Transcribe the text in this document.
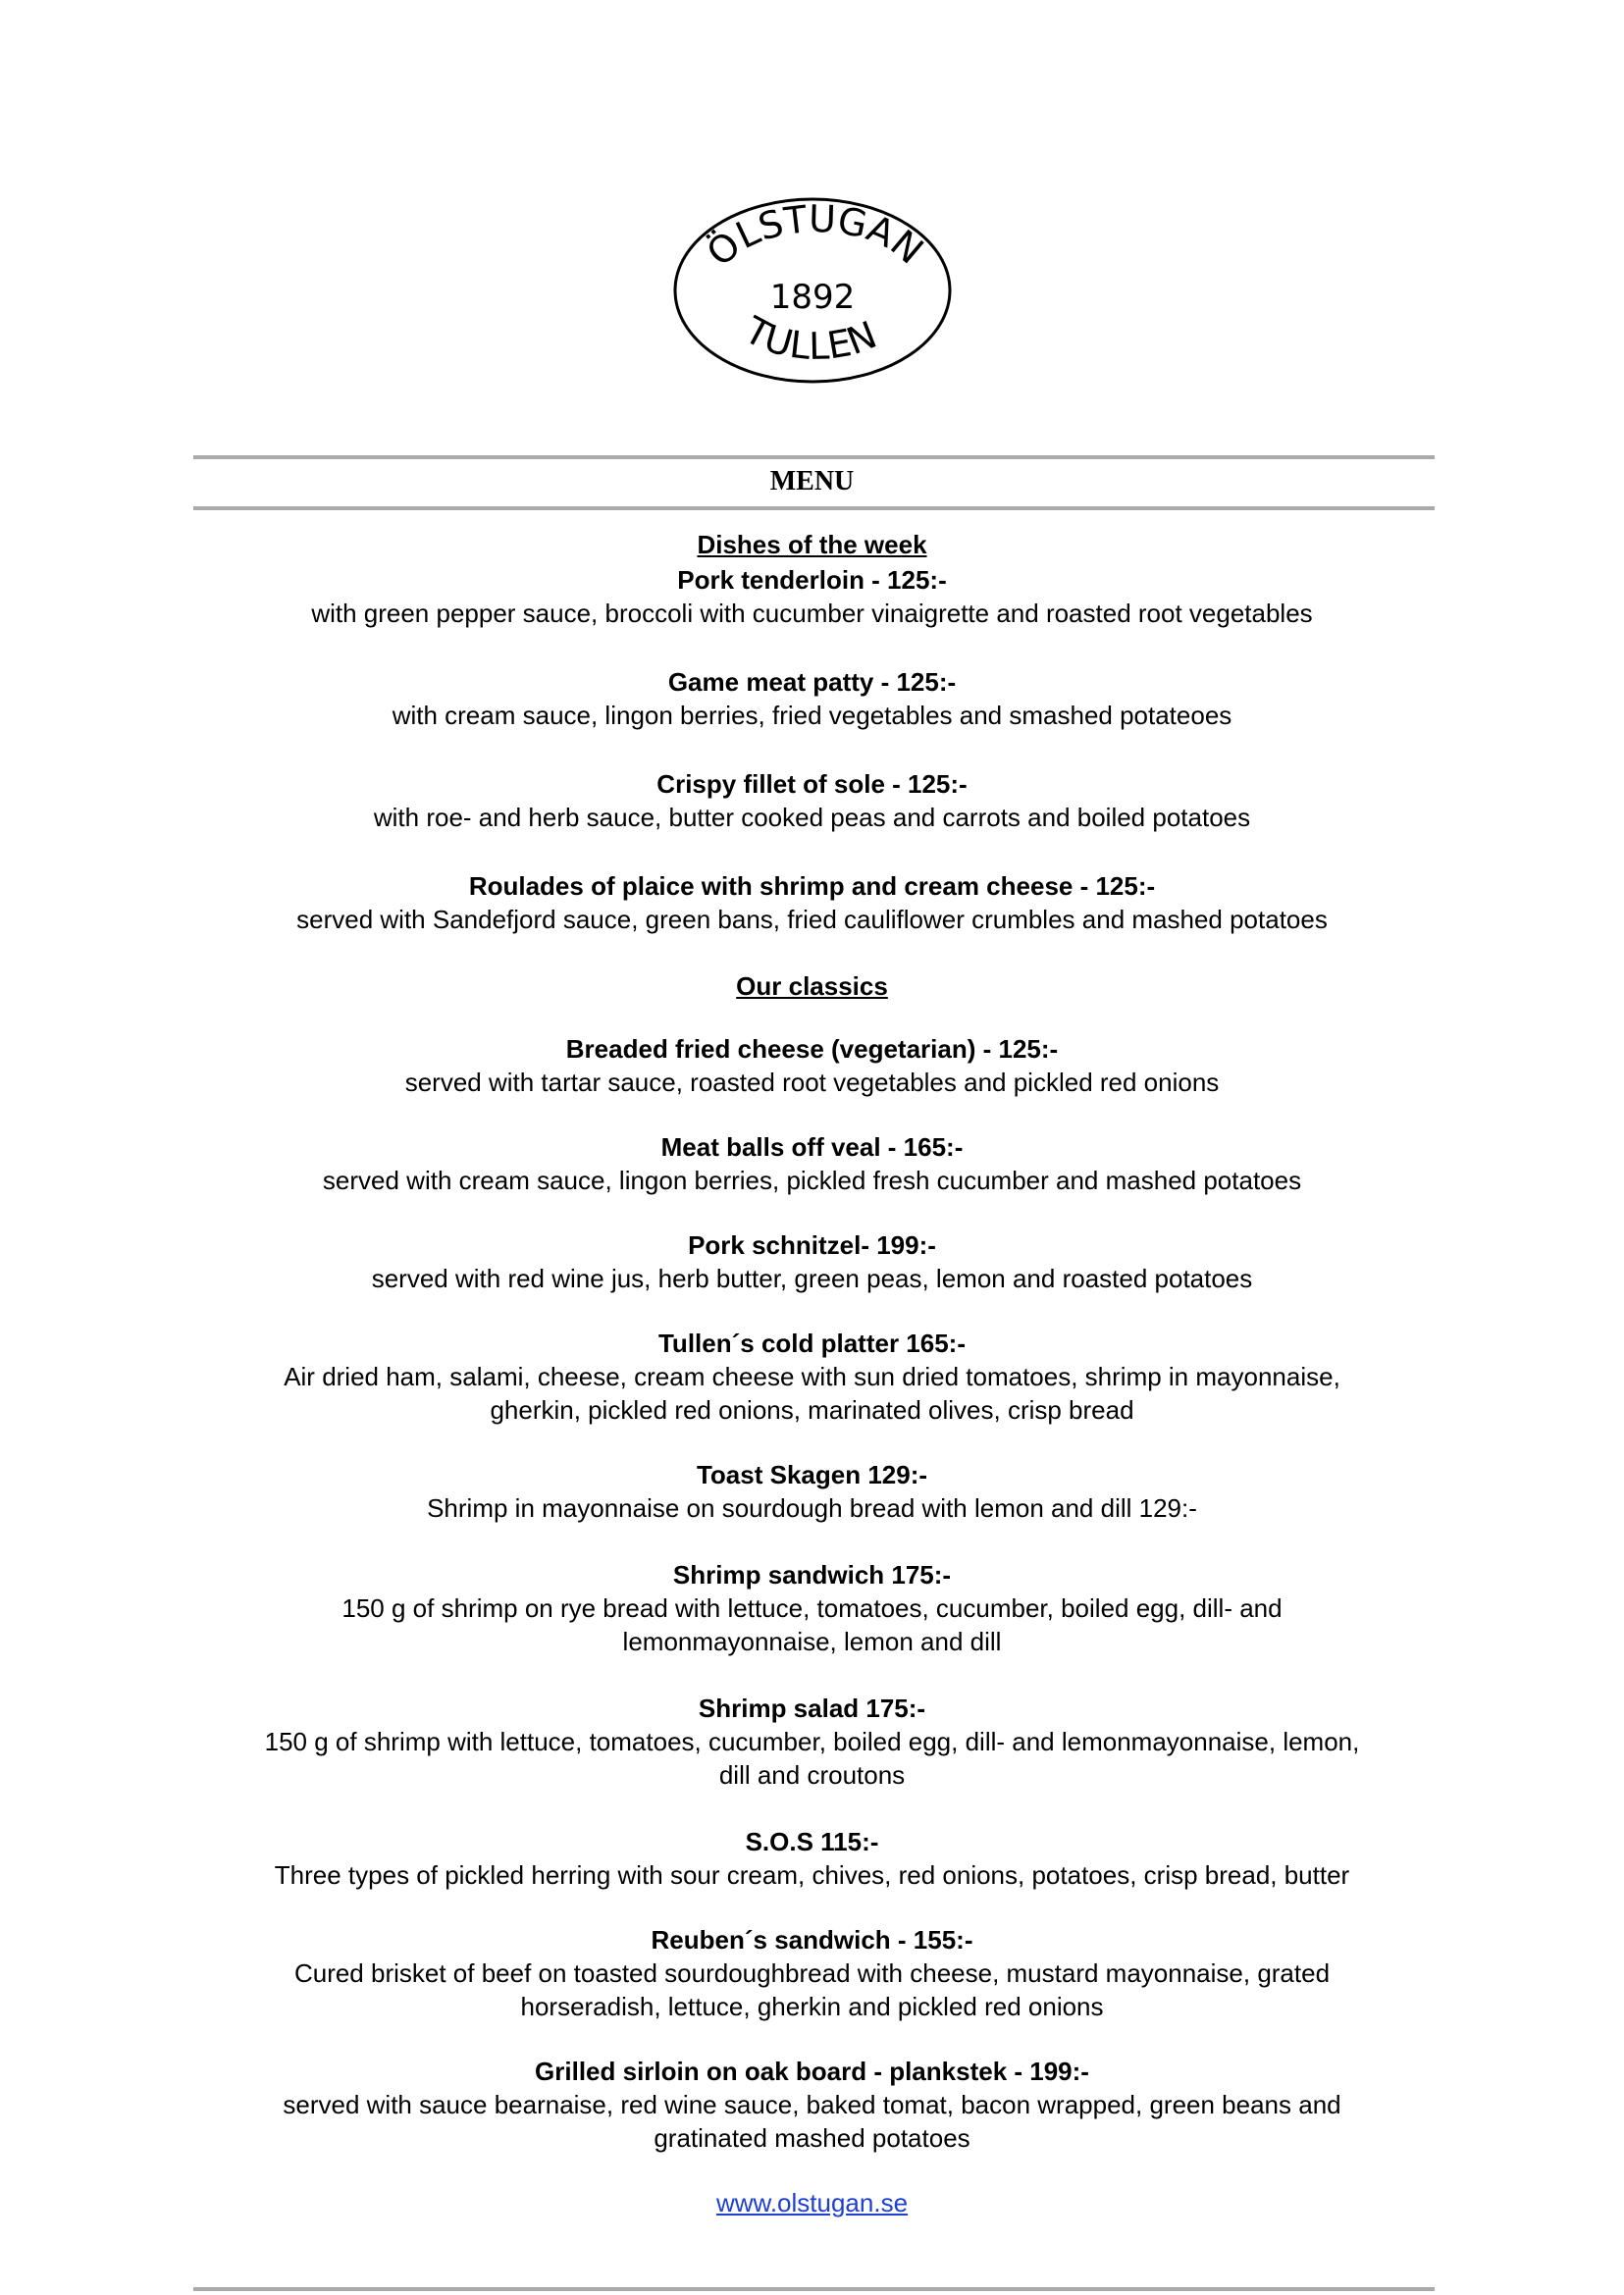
ÖLSTUGAN
1892
TULLEN
MENU
Dishes of the week
Pork tenderloin - 125:-
with green pepper sauce, broccoli with cucumber vinaigrette and roasted root vegetables
Game meat patty - 125:-
with cream sauce, lingon berries, fried vegetables and smashed potateoes
Crispy fillet of sole - 125:-
with roe- and herb sauce, butter cooked peas and carrots and boiled potatoes
Roulades of plaice with shrimp and cream cheese - 125:-
served with Sandefjord sauce, green bans, fried cauliflower crumbles and mashed potatoes
Our classics
Breaded fried cheese (vegetarian) - 125:-
served with tartar sauce, roasted root vegetables and pickled red onions
Meat balls off veal - 165:-
served with cream sauce, lingon berries, pickled fresh cucumber and mashed potatoes
Pork schnitzel- 199:-
served with red wine jus, herb butter, green peas, lemon and roasted potatoes
Tullen´s cold platter 165:-
Air dried ham, salami, cheese, cream cheese with sun dried tomatoes, shrimp in mayonnaise, gherkin, pickled red onions, marinated olives, crisp bread
Toast Skagen 129:-
Shrimp in mayonnaise on sourdough bread with lemon and dill 129:-
Shrimp sandwich 175:-
150 g of shrimp on rye bread with lettuce, tomatoes, cucumber, boiled egg, dill- and lemonmayonnaise, lemon and dill
Shrimp salad 175:-
150 g of shrimp with lettuce, tomatoes, cucumber, boiled egg, dill- and lemonmayonnaise, lemon, dill and croutons
S.O.S 115:-
Three types of pickled herring with sour cream, chives, red onions, potatoes, crisp bread, butter
Reuben´s sandwich - 155:-
Cured brisket of beef on toasted sourdoughbread with cheese, mustard mayonnaise, grated horseradish, lettuce, gherkin and pickled red onions
Grilled sirloin on oak board - plankstek - 199:-
served with sauce bearnaise, red wine sauce, baked tomat, bacon wrapped, green beans and gratinated mashed potatoes
www.olstugan.se
